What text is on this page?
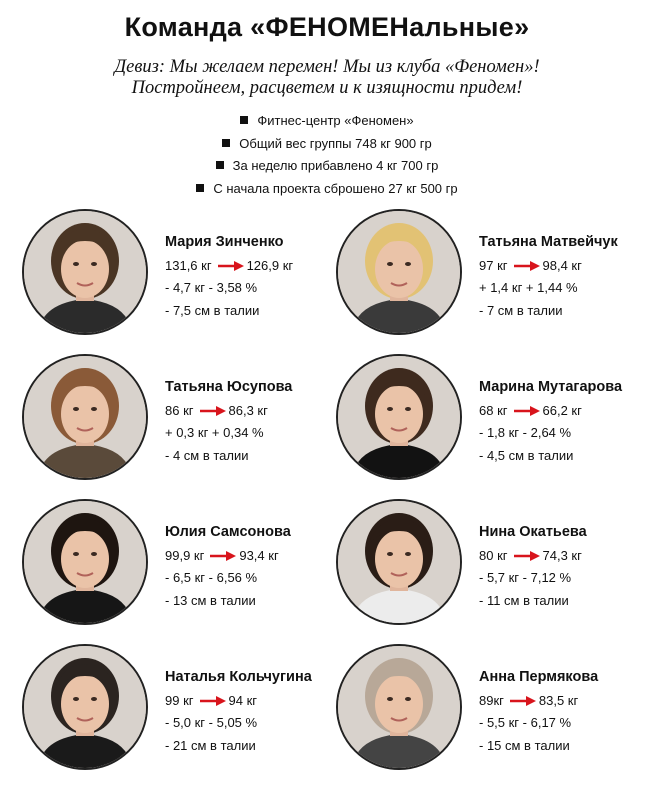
Команда «ФЕНОМЕНальные»
Девиз: Мы желаем перемен! Мы из клуба «Феномен»!
Постройнеем, расцветем и к изящности придем!
Фитнес-центр «Феномен»
Общий вес группы 748 кг 900 гр
За неделю прибавлено 4 кг 700 гр
С начала проекта сброшено 27 кг 500 гр
Мария Зинченко
131,6 кг	126,9 кг
- 4,7 кг - 3,58 %
- 7,5 см в талии
Татьяна Матвейчук
97 кг	98,4 кг
+ 1,4 кг + 1,44 %
- 7 см в талии
Татьяна Юсупова
86 кг	86,3 кг
+ 0,3 кг + 0,34 %
- 4 см в талии
Марина Мутагарова
68 кг	66,2 кг
- 1,8 кг - 2,64 %
- 4,5 см в талии
Юлия Самсонова
99,9 кг	93,4 кг
- 6,5 кг - 6,56 %
- 13 см в талии
Нина Окатьева
80 кг	74,3 кг
- 5,7 кг - 7,12 %
- 11 см в талии
Наталья Кольчугина
99 кг	94 кг
- 5,0 кг - 5,05 %
- 21 см в талии
Анна Пермякова
89кг	83,5 кг
- 5,5 кг - 6,17 %
- 15 см в талии
